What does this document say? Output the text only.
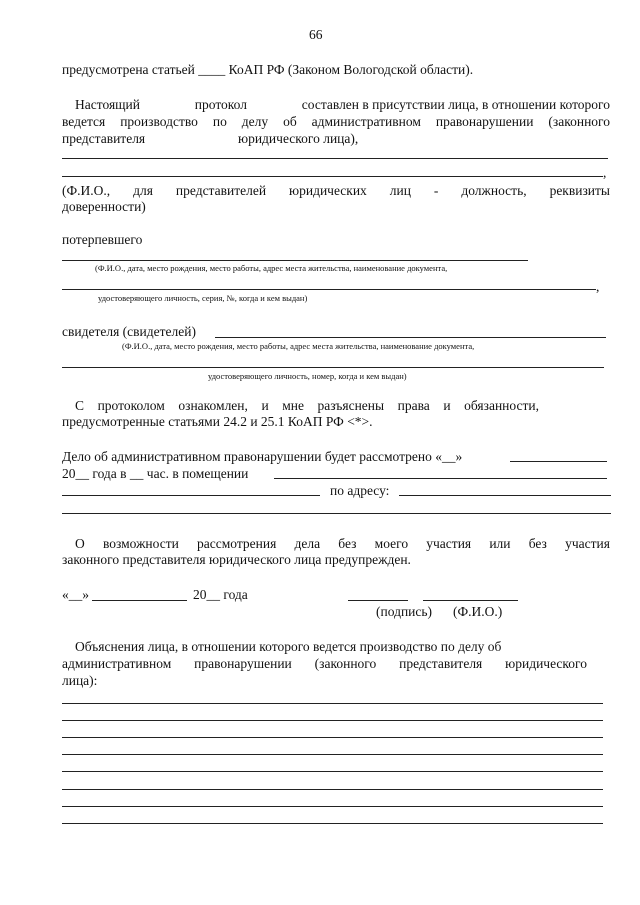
66
предусмотрена статьей ____ КоАП РФ (Законом Вологодской области).
Настоящий	протокол	составлен в присутствии лица, в отношении которого
ведется производство по делу об административном правонарушении (законного
представителя	юридического лица),
,
(Ф.И.О., для представителей юридических лиц - должность, реквизиты
доверенности)
потерпевшего
(Ф.И.О., дата, место рождения, место работы, адрес места жительства, наименование документа,
,
удостоверяющего личность, серия, №, когда и кем выдан)
свидетеля (свидетелей)
(Ф.И.О., дата, место рождения, место работы, адрес места жительства, наименование документа,
удостоверяющего личность, номер, когда и кем выдан)
С протоколом ознакомлен, и мне разъяснены права и обязанности,
предусмотренные статьями 24.2 и 25.1 КоАП РФ <*>.
Дело об административном правонарушении будет рассмотрено «__»
20__ года в __ час. в помещении
по адресу:
О возможности рассмотрения дела без моего участия или без участия
законного представителя юридического лица предупрежден.
«__»	20__ года
(подпись) (Ф.И.О.)
Объяснения лица, в отношении которого ведется производство по делу об
административном правонарушении (законного представителя юридического
лица):
